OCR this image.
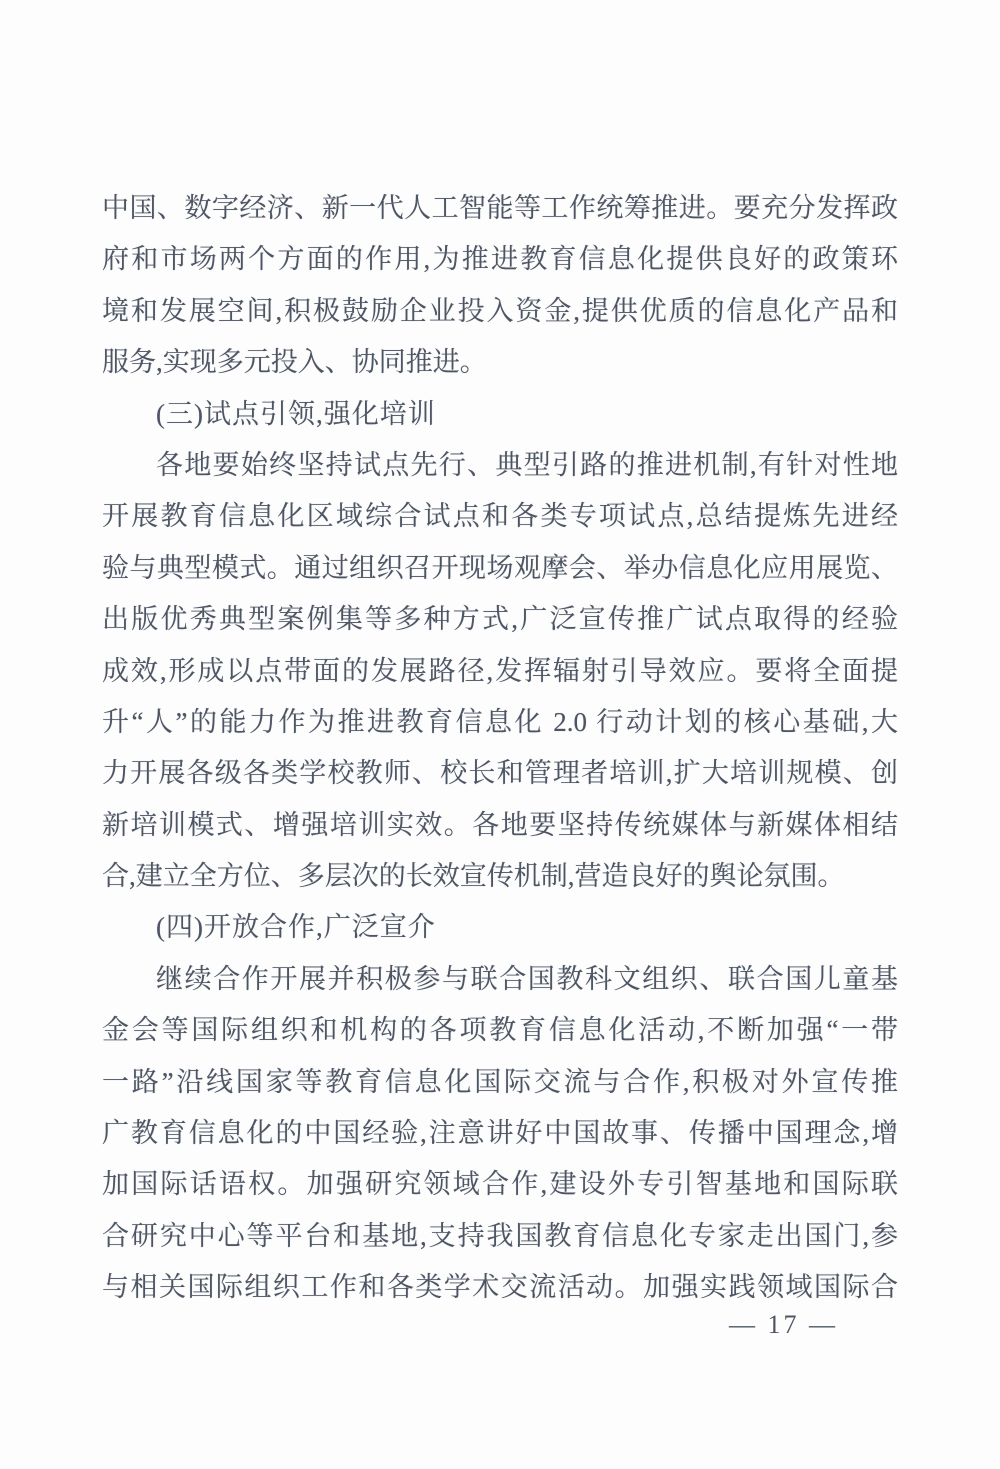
中国、数字经济、新一代人工智能等工作统筹推进。要充分发挥政
府和市场两个方面的作用,为推进教育信息化提供良好的政策环
境和发展空间,积极鼓励企业投入资金,提供优质的信息化产品和
服务,实现多元投入、协同推进。
(三)试点引领,强化培训
各地要始终坚持试点先行、典型引路的推进机制,有针对性地
开展教育信息化区域综合试点和各类专项试点,总结提炼先进经
验与典型模式。通过组织召开现场观摩会、举办信息化应用展览、
出版优秀典型案例集等多种方式,广泛宣传推广试点取得的经验
成效,形成以点带面的发展路径,发挥辐射引导效应。要将全面提
升“人”的能力作为推进教育信息化 2.0 行动计划的核心基础,大
力开展各级各类学校教师、校长和管理者培训,扩大培训规模、创
新培训模式、增强培训实效。各地要坚持传统媒体与新媒体相结
合,建立全方位、多层次的长效宣传机制,营造良好的舆论氛围。
(四)开放合作,广泛宣介
继续合作开展并积极参与联合国教科文组织、联合国儿童基
金会等国际组织和机构的各项教育信息化活动,不断加强“一带
一路”沿线国家等教育信息化国际交流与合作,积极对外宣传推
广教育信息化的中国经验,注意讲好中国故事、传播中国理念,增
加国际话语权。加强研究领域合作,建设外专引智基地和国际联
合研究中心等平台和基地,支持我国教育信息化专家走出国门,参
与相关国际组织工作和各类学术交流活动。加强实践领域国际合
— 17 —
